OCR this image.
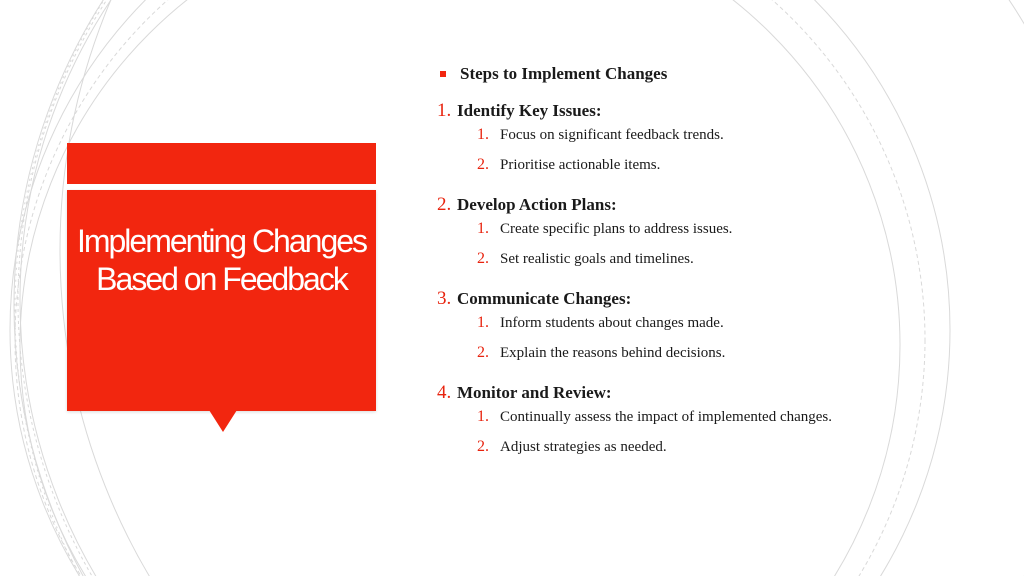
Implementing Changes Based on Feedback
Steps to Implement Changes
1. Identify Key Issues:
1. Focus on significant feedback trends.
2. Prioritise actionable items.
2. Develop Action Plans:
1. Create specific plans to address issues.
2. Set realistic goals and timelines.
3. Communicate Changes:
1. Inform students about changes made.
2. Explain the reasons behind decisions.
4. Monitor and Review:
1. Continually assess the impact of implemented changes.
2. Adjust strategies as needed.
